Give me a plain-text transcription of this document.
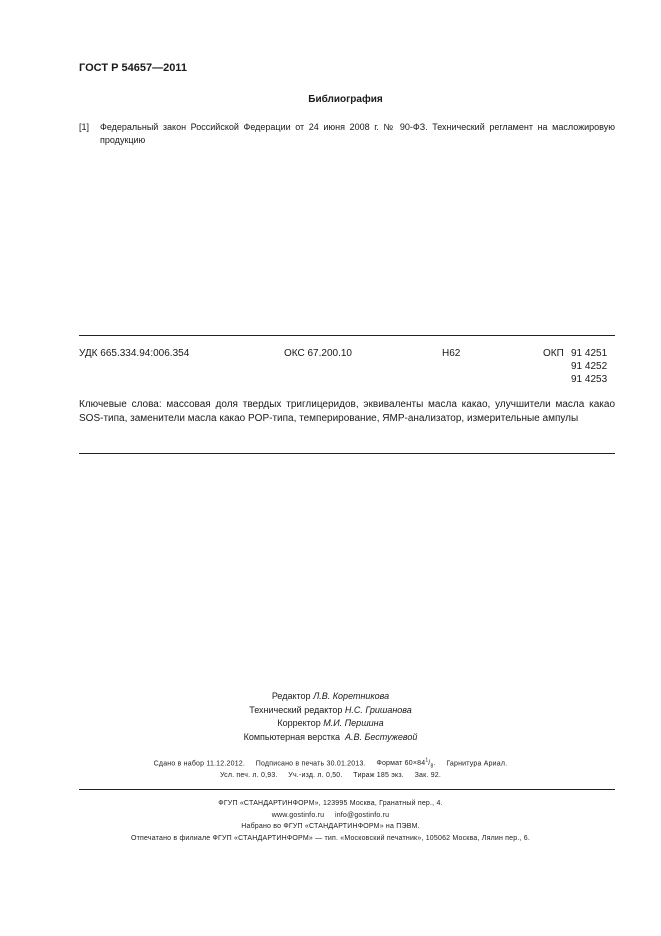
ГОСТ Р 54657—2011
Библиография
[1] Федеральный закон Российской Федерации от 24 июня 2008 г. № 90-ФЗ. Технический регламент на масложировую продукцию
УДК 665.334.94:006.354	ОКС 67.200.10	Н62	ОКП 91 4251
91 4252
91 4253
Ключевые слова: массовая доля твердых триглицеридов, эквиваленты масла какао, улучшители масла какао SOS-типа, заменители масла какао POP-типа, темперирование, ЯМР-анализатор, измерительные ампулы
Редактор Л.В. Коретникова
Технический редактор Н.С. Гришанова
Корректор М.И. Першина
Компьютерная верстка А.В. Бестужевой
Сдано в набор 11.12.2012. Подписано в печать 30.01.2013. Формат $60\times 84^1/_8$. Гарнитура Ариал.
Усл. печ. л. 0,93. Уч.-изд. л. 0,50. Тираж 185 экз. Зак. 92.
ФГУП «СТАНДАРТИНФОРМ», 123995 Москва, Гранатный пер., 4.
www.gostinfo.ru info@gostinfo.ru
Набрано во ФГУП «СТАНДАРТИНФОРМ» на ПЭВМ.
Отпечатано в филиале ФГУП «СТАНДАРТИНФОРМ» — тип. «Московский печатник», 105062 Москва, Лялин пер., 6.
